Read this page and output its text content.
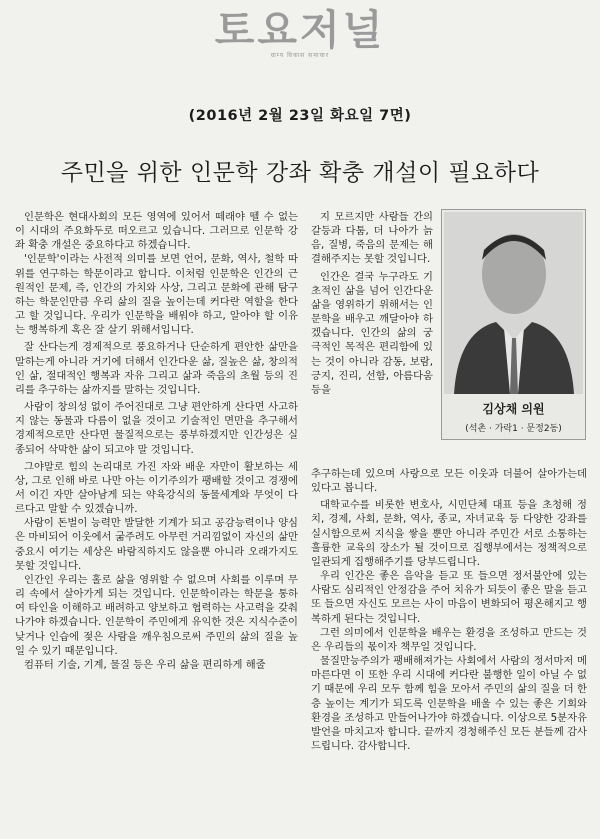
토요저널
ग्राम्य विकास समाचार
(2016년 2월 23일 화요일 7면)
주민을 위한 인문학 강좌 확충 개설이 필요하다

인문학은 현대사회의 모든 영역에 있어서 떼래야 뗄 수 없는 이 시대의 주요화두로 떠오르고 있습니다. 그러므로 인문학 강좌 확충 개설은 중요하다고 하겠습니다.

'인문학'이라는 사전적 의미를 보면 언어, 문화, 역사, 철학 따위를 연구하는 학문이라고 합니다. 이처럼 인문학은 인간의 근원적인 문제, 즉, 인간의 가치와 사상, 그리고 문화에 관해 탐구하는 학문인만큼 우리 삶의 질을 높이는데 커다란 역할을 한다고 할 것입니다. 우리가 인문학을 배워야 하고, 알아야 할 이유는 행복하게 혹은 잘 살기 위해서입니다.

잘 산다는게 경제적으로 풍요하거나 단순하게 편안한 삶만을 말하는게 아니라 거기에 더해서 인간다운 삶, 질높은 삶, 창의적인 삶, 절대적인 행복과 자유 그리고 삶과 죽음의 초월 등의 진리를 추구하는 삶까지를 말하는 것입니다.

사람이 창의성 없이 주어진대로 그냥 편안하게 산다면 사고하지 않는 동물과 다름이 없을 것이고 기술적인 면만을 추구해서 경제적으로만 산다면 물질적으로는 풍부하겠지만 인간성은 실종되어 삭막한 삶이 되고야 말 것입니다.

그야말로 힘의 논리대로 가진 자와 배운 자만이 활보하는 세상, 그로 인해 바로 나만 아는 이기주의가 팽배할 것이고 경쟁에서 이긴 자만 살아남게 되는 약육강식의 동물세계와 무엇이 다르다고 말할 수 있겠습니까.

사람이 돈벌이 능력만 발달한 기계가 되고 공감능력이나 양심은 마비되어 이웃에서 굶주려도 아무런 거리낌없이 자신의 삶만 중요시 여기는 세상은 바람직하지도 않을뿐 아니라 오래가지도 못할 것입니다.

인간인 우리는 홀로 삶을 영위할 수 없으며 사회를 이루며 무리 속에서 살아가게 되는 것입니다. 인문학이라는 학문을 통하여 타인을 이해하고 배려하고 양보하고 협력하는 사고력을 갖춰나가야 하겠습니다. 인문학이 주민에게 유익한 것은 지식수준이 낮거나 인습에 젖은 사람을 깨우침으로써 주민의 삶의 질을 높일 수 있기 때문입니다.

컴퓨터 기술, 기계, 물질 등은 우리 삶을 편리하게 해줄

지 모르지만 사람들 간의 갈등과 다툼, 더 나아가 늙음, 질병, 죽음의 문제는 해결해주지는 못할 것입니다.

인간은 결국 누구라도 기초적인 삶을 넘어 인간다운 삶을 영위하기 위해서는 인문학을 배우고 깨달아야 하겠습니다. 인간의 삶의 궁극적인 목적은 편리함에 있는 것이 아니라 감동, 보람, 긍지, 진리, 선함, 아름다움 등을

김상채 의원
(석촌 · 가락1 · 문정2동)

추구하는데 있으며 사랑으로 모든 이웃과 더불어 살아가는데 있다고 봅니다.

대학교수를 비롯한 변호사, 시민단체 대표 등을 초청해 정치, 경제, 사회, 문화, 역사, 종교, 자녀교육 등 다양한 강좌를 실시함으로써 지식을 쌓을 뿐만 아니라 주민간 서로 소통하는 훌륭한 교육의 장소가 될 것이므로 집행부에서는 정책적으로 일관되게 집행해주기를 당부드립니다.

우리 인간은 좋은 음악을 듣고 또 들으면 정서불안에 있는 사람도 심리적인 안정감을 주어 치유가 되듯이 좋은 말을 듣고 또 들으면 자신도 모르는 사이 마음이 변화되어 평온해지고 행복하게 된다는 것입니다.

그런 의미에서 인문학을 배우는 환경을 조성하고 만드는 것은 우리들의 몫이자 책무일 것입니다.

물질만능주의가 팽배해져가는 사회에서 사람의 정서마저 메마른다면 이 또한 우리 시대에 커다란 불행한 일이 아닐 수 없기 때문에 우리 모두 함께 힘을 모아서 주민의 삶의 질을 더 한층 높이는 계기가 되도록 인문학을 배울 수 있는 좋은 기회와 환경을 조성하고 만들어나가야 하겠습니다. 이상으로 5분자유발언을 마치고자 합니다. 끝까지 경청해주신 모든 분들께 감사드립니다. 감사합니다.
